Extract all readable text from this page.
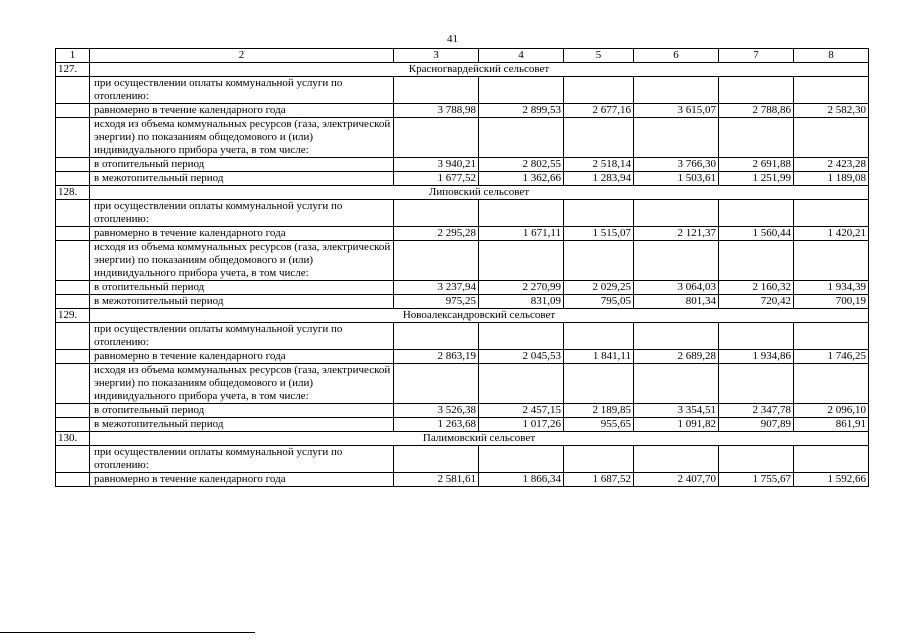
41
1	2	3	4	5	6	7	8
127.	Красногвардейский сельсовет						
	при осуществлении оплаты коммунальной услуги по отоплению:						
	равномерно в течение календарного года	3 788,98	2 899,53	2 677,16	3 615,07	2 788,86	2 582,30
	исходя из объема коммунальных ресурсов (газа, электрической энергии) по показаниям общедомового и (или) индивидуального прибора учета, в том числе:						
	в отопительный период	3 940,21	2 802,55	2 518,14	3 766,30	2 691,88	2 423,28
	в межотопительный период	1 677,52	1 362,66	1 283,94	1 503,61	1 251,99	1 189,08
128.	Липовский сельсовет						
	при осуществлении оплаты коммунальной услуги по отоплению:						
	равномерно в течение календарного года	2 295,28	1 671,11	1 515,07	2 121,37	1 560,44	1 420,21
	исходя из объема коммунальных ресурсов (газа, электрической энергии) по показаниям общедомового и (или) индивидуального прибора учета, в том числе:						
	в отопительный период	3 237,94	2 270,99	2 029,25	3 064,03	2 160,32	1 934,39
	в межотопительный период	975,25	831,09	795,05	801,34	720,42	700,19
129.	Новоалександровский сельсовет						
	при осуществлении оплаты коммунальной услуги по отоплению:						
	равномерно в течение календарного года	2 863,19	2 045,53	1 841,11	2 689,28	1 934,86	1 746,25
	исходя из объема коммунальных ресурсов (газа, электрической энергии) по показаниям общедомового и (или) индивидуального прибора учета, в том числе:						
	в отопительный период	3 526,38	2 457,15	2 189,85	3 354,51	2 347,78	2 096,10
	в межотопительный период	1 263,68	1 017,26	955,65	1 091,82	907,89	861,91
130.	Палимовский сельсовет						
	при осуществлении оплаты коммунальной услуги по отоплению:						
	равномерно в течение календарного года	2 581,61	1 866,34	1 687,52	2 407,70	1 755,67	1 592,66
